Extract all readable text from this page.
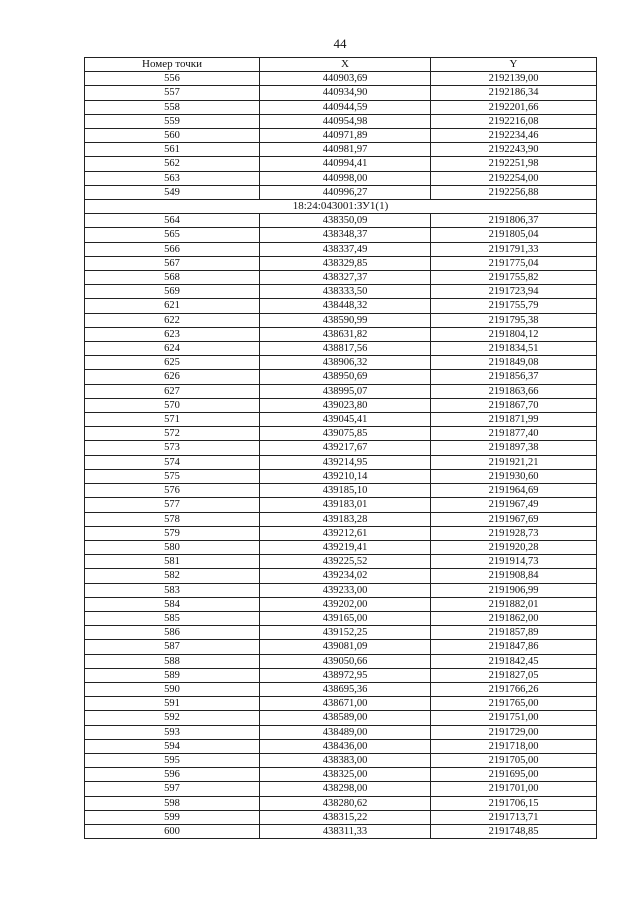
44
Номер точки	X	Y
556	440903,69	2192139,00
557	440934,90	2192186,34
558	440944,59	2192201,66
559	440954,98	2192216,08
560	440971,89	2192234,46
561	440981,97	2192243,90
562	440994,41	2192251,98
563	440998,00	2192254,00
549	440996,27	2192256,88
18:24:043001:ЗУ1(1)		
564	438350,09	2191806,37
565	438348,37	2191805,04
566	438337,49	2191791,33
567	438329,85	2191775,04
568	438327,37	2191755,82
569	438333,50	2191723,94
621	438448,32	2191755,79
622	438590,99	2191795,38
623	438631,82	2191804,12
624	438817,56	2191834,51
625	438906,32	2191849,08
626	438950,69	2191856,37
627	438995,07	2191863,66
570	439023,80	2191867,70
571	439045,41	2191871,99
572	439075,85	2191877,40
573	439217,67	2191897,38
574	439214,95	2191921,21
575	439210,14	2191930,60
576	439185,10	2191964,69
577	439183,01	2191967,49
578	439183,28	2191967,69
579	439212,61	2191928,73
580	439219,41	2191920,28
581	439225,52	2191914,73
582	439234,02	2191908,84
583	439233,00	2191906,99
584	439202,00	2191882,01
585	439165,00	2191862,00
586	439152,25	2191857,89
587	439081,09	2191847,86
588	439050,66	2191842,45
589	438972,95	2191827,05
590	438695,36	2191766,26
591	438671,00	2191765,00
592	438589,00	2191751,00
593	438489,00	2191729,00
594	438436,00	2191718,00
595	438383,00	2191705,00
596	438325,00	2191695,00
597	438298,00	2191701,00
598	438280,62	2191706,15
599	438315,22	2191713,71
600	438311,33	2191748,85
